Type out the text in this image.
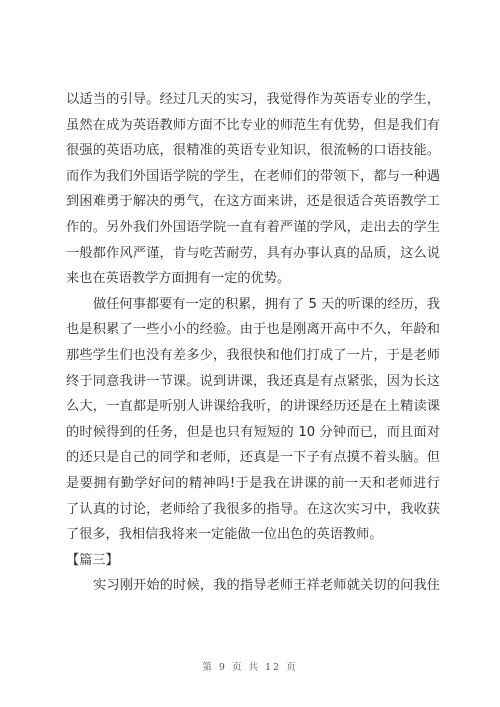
以适当的引导。经过几天的实习，我觉得作为英语专业的学生，
虽然在成为英语教师方面不比专业的师范生有优势，但是我们有
很强的英语功底，很精准的英语专业知识，很流畅的口语技能。
而作为我们外国语学院的学生，在老师们的带领下，都与一种遇
到困难勇于解决的勇气，在这方面来讲，还是很适合英语教学工
作的。另外我们外国语学院一直有着严谨的学风，走出去的学生
一般都作风严谨，肯与吃苦耐劳，具有办事认真的品质，这么说
来也在英语教学方面拥有一定的优势。
做任何事都要有一定的积累，拥有了 5 天的听课的经历，我
也是积累了一些小小的经验。由于也是刚离开高中不久，年龄和
那些学生们也没有差多少，我很快和他们打成了一片，于是老师
终于同意我讲一节课。说到讲课，我还真是有点紧张，因为长这
么大，一直都是听别人讲课给我听，的讲课经历还是在上精读课
的时候得到的任务，但是也只有短短的 10 分钟而已，而且面对
的还只是自己的同学和老师，还真是一下子有点摸不着头脑。但
是要拥有勤学好问的精神吗!于是我在讲课的前一天和老师进行
了认真的讨论，老师给了我很多的指导。在这次实习中，我收获
了很多，我相信我将来一定能做一位出色的英语教师。
【篇三】
实习刚开始的时候，我的指导老师王祥老师就关切的问我住
第 9 页 共 12 页
